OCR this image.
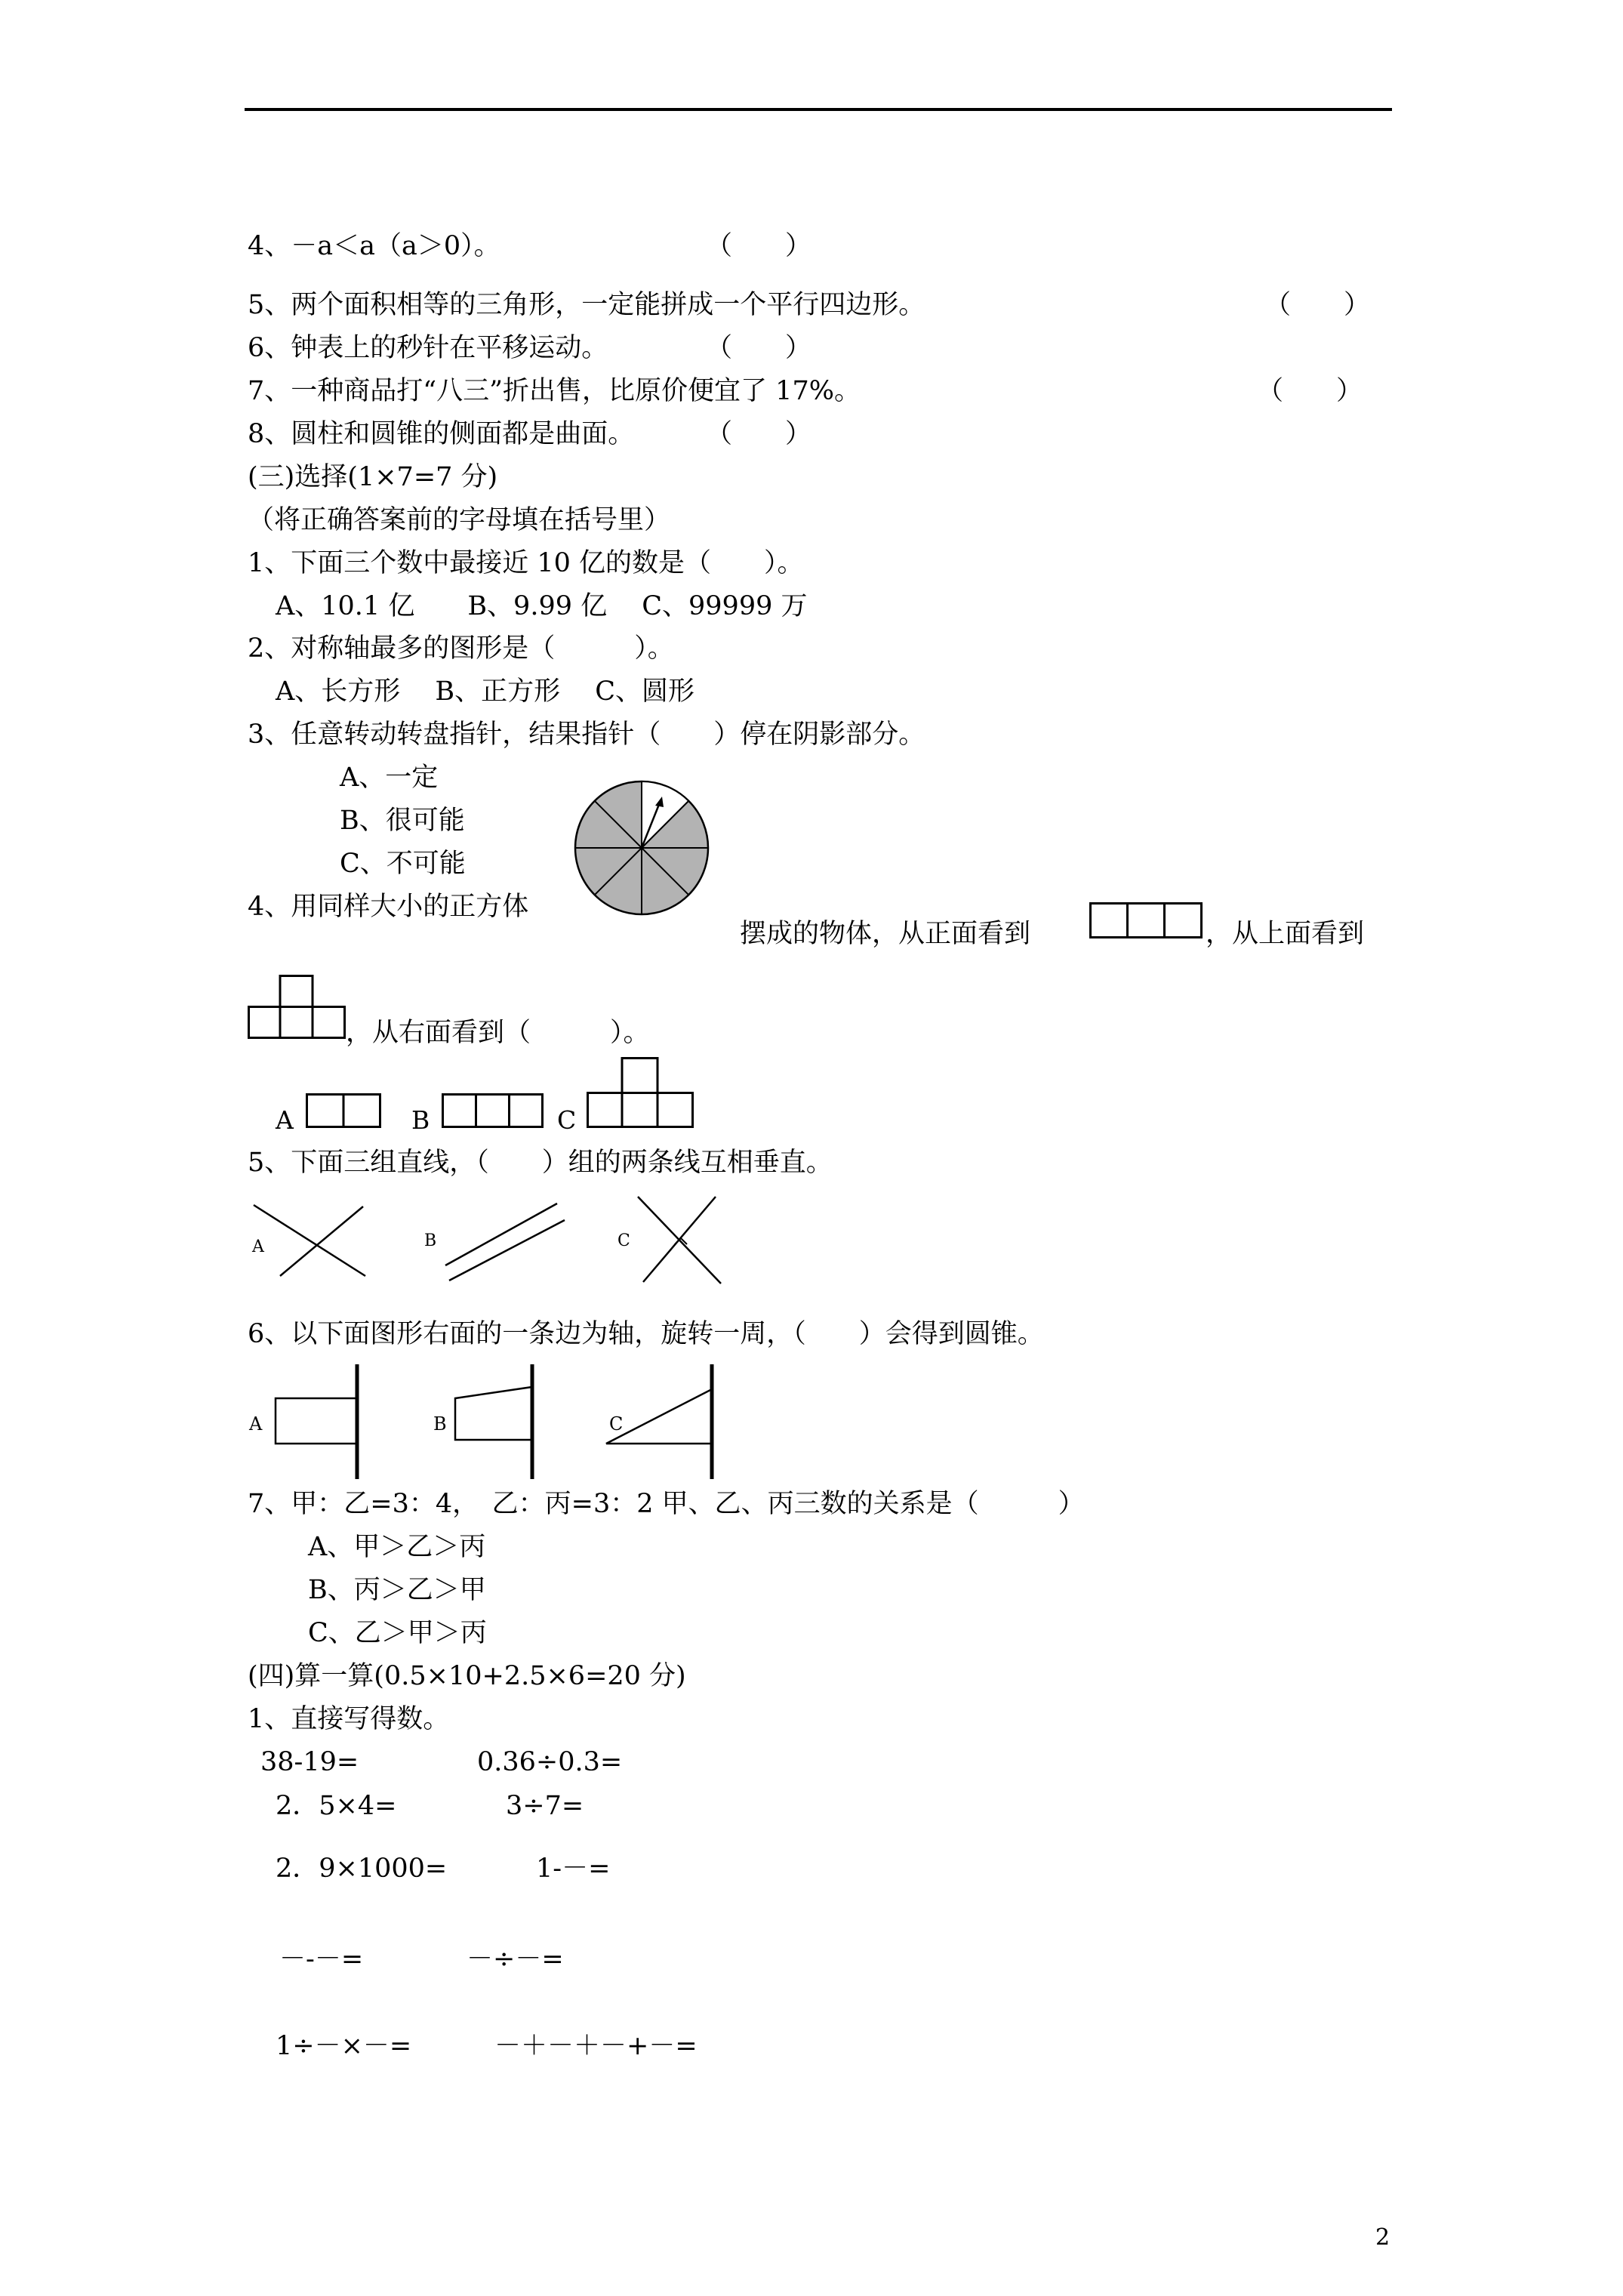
4、－a＜a（a＞0）。	（　　）
5、两个面积相等的三角形，一定能拼成一个平行四边形。	（　　）
6、钟表上的秒针在平移运动。	（　　）
7、一种商品打“八三”折出售，比原价便宜了 17%。	（　　）
8、圆柱和圆锥的侧面都是曲面。	（　　）
(三)选择(1×7=7 分)
（将正确答案前的字母填在括号里）
1、下面三个数中最接近 10 亿的数是（　　）。
A、10.1 亿　　B、9.99 亿　 C、99999 万
2、对称轴最多的图形是（　　　）。
A、长方形　 B、正方形　 C、圆形
3、任意转动转盘指针，结果指针（　　）停在阴影部分。
A、一定
B、很可能
C、不可能
4、用同样大小的正方体
摆成的物体，从正面看到	，从上面看到
，从右面看到（　　　）。
A	B	C
5、下面三组直线，（　　）组的两条线互相垂直。
A	B	C
6、以下面图形右面的一条边为轴，旋转一周，（　　）会得到圆锥。
A	B	C
7、甲：乙=3：4，　乙：丙=3：2 甲、乙、丙三数的关系是（　　　）
A、甲＞乙＞丙
B、丙＞乙＞甲
C、乙＞甲＞丙
(四)算一算(0.5×10+2.5×6=20 分)
1、直接写得数。
38-19=	0.36÷0.3=
2．5×4=	3÷7=
2．9×1000=	1-－=
－-－=	－÷－=
1÷－×－=	－＋－＋－+－=
2
